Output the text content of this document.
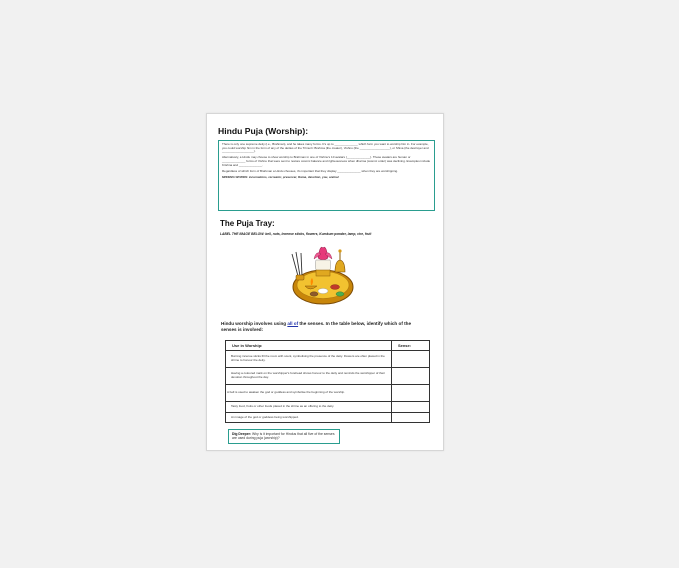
Hindu Puja (Worship):

There is only one supreme deity (i.e., Brahman), and he takes many forms. It's up to ______________ which form you want to worship him in. For example, you could worship him in the form of any of the deities of the Trimurti: Brahma (the creator), Vishnu (the __________________), or Shiva (the destroyer and ___________________).

Alternatively, a Hindu may choose to show worship to Brahman in one of Vishnu's 10 avatars (______________). These avatars are human or ______________ forms of Vishnu that were sent to restore cosmic balance and righteousness when dharma (cosmic order) was declining. Examples include Krishna and ______________.

Regardless of which form of Brahman a Hindu chooses, it's important that they display ______________ when they are worshipping.

MISSING WORDS: incarnations, recreator, preserver, Rama, devotion, you, animal

The Puja Tray:
LABEL THE IMAGE BELOW: bell, nuts, Incense sticks, flowers, Kumkum powder, lamp, rice, fruit
Hindu worship involves using all of the senses. In the table below, identify which of the senses is involved:
Use in Worship:	Sense:
Burning incense sticks fill the room with scent, symbolising the presence of the deity. Flowers are often placed in the shrine to honour the deity.	
Having a coloured mark on the worshipper's forehead shows honour to the deity and reminds the worshipper of their devotion throughout the day.	
A bell is used to awaken the god or goddess and symbolise the beginning of the worship.	
Tasty food, fruits or other foods placed in the shrine as an offering to the deity.	
An image of the god or goddess being worshipped.	
Dig Deeper: Why is it important for Hindus that all five of the senses are used during puja (worship)?
